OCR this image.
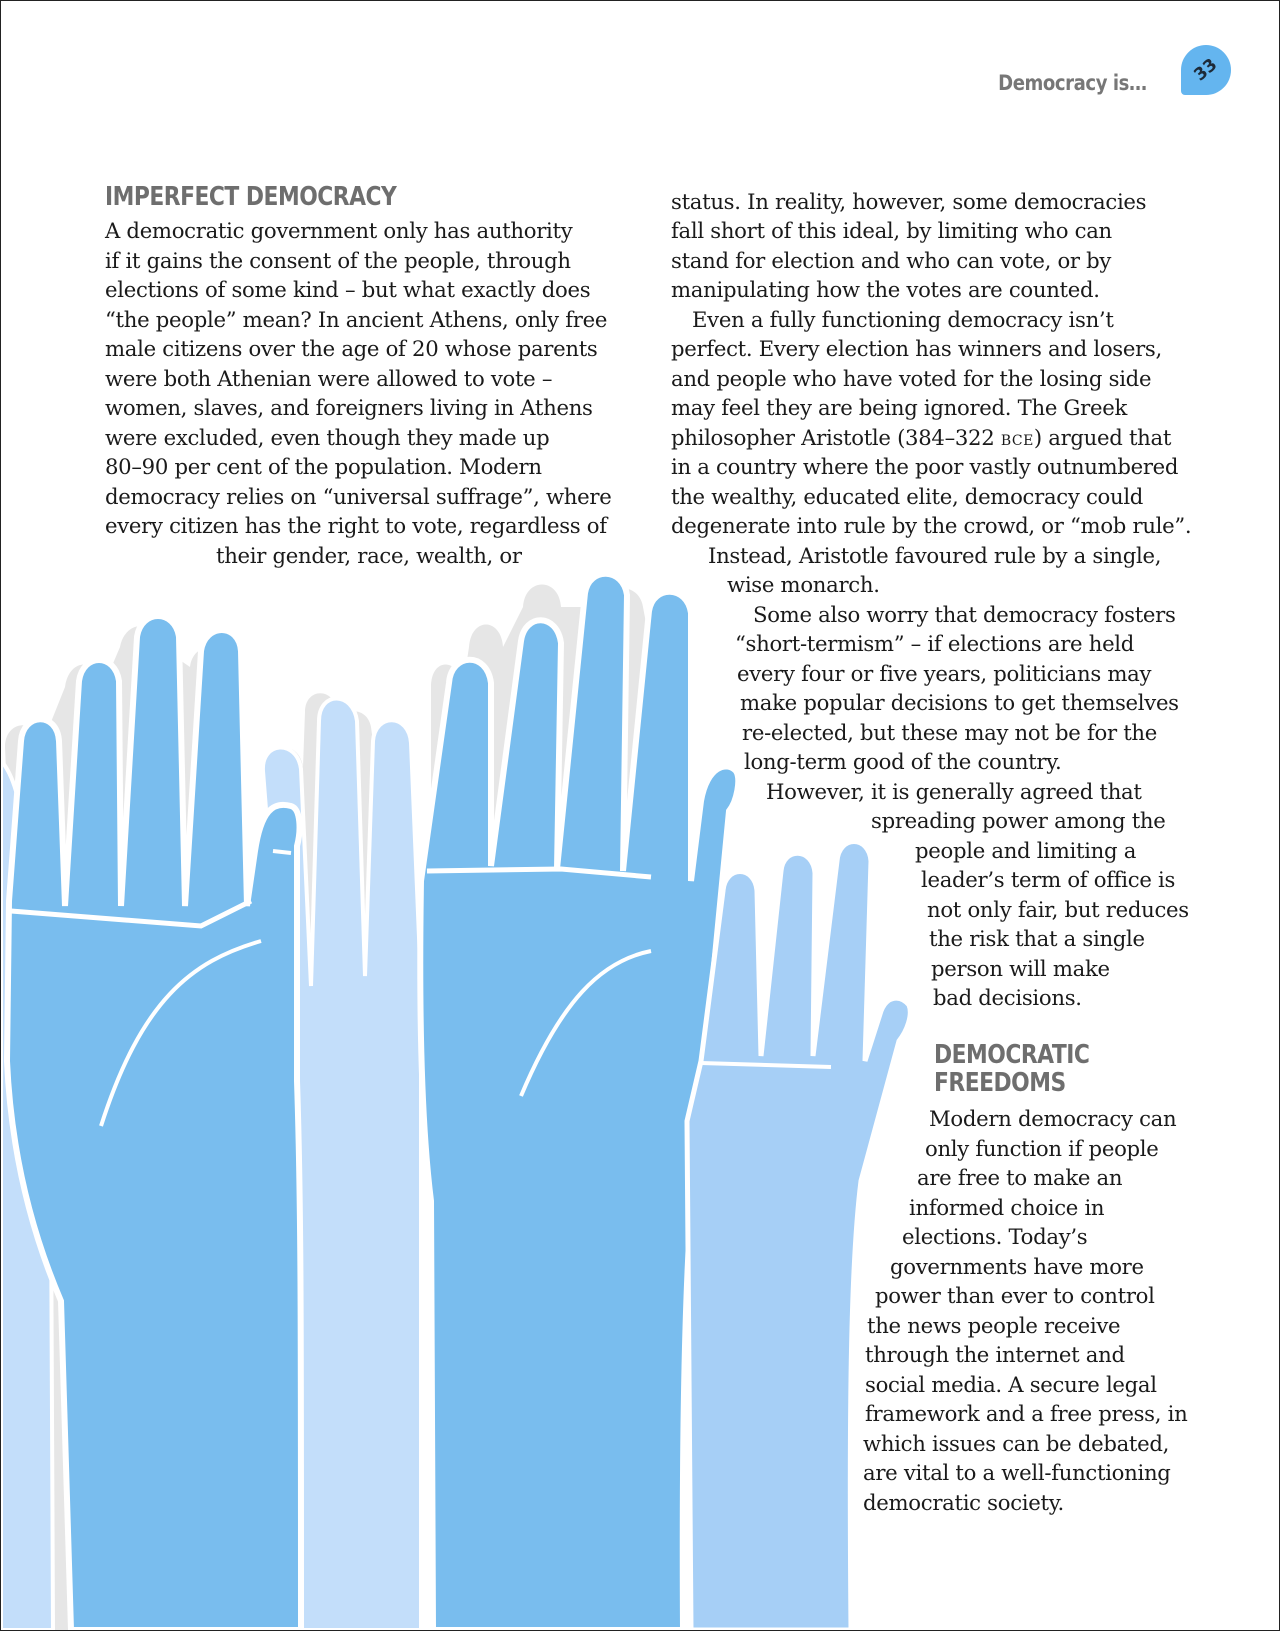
Democracy is…	33
IMPERFECT DEMOCRACY
A democratic government only has authority
if it gains the consent of the people, through
elections of some kind – but what exactly does
“the people” mean? In ancient Athens, only free
male citizens over the age of 20 whose parents
were both Athenian were allowed to vote –
women, slaves, and foreigners living in Athens
were excluded, even though they made up
80–90 per cent of the population. Modern
democracy relies on “universal suffrage”, where
every citizen has the right to vote, regardless of
their gender, race, wealth, or
status. In reality, however, some democracies
fall short of this ideal, by limiting who can
stand for election and who can vote, or by
manipulating how the votes are counted.
Even a fully functioning democracy isn’t
perfect. Every election has winners and losers,
and people who have voted for the losing side
may feel they are being ignored. The Greek
philosopher Aristotle (384–322 BCE) argued that
in a country where the poor vastly outnumbered
the wealthy, educated elite, democracy could
degenerate into rule by the crowd, or “mob rule”.
Instead, Aristotle favoured rule by a single,
wise monarch.
Some also worry that democracy fosters
“short-termism” – if elections are held
every four or five years, politicians may
make popular decisions to get themselves
re-elected, but these may not be for the
long-term good of the country.
However, it is generally agreed that
spreading power among the
people and limiting a
leader’s term of office is
not only fair, but reduces
the risk that a single
person will make
bad decisions.
DEMOCRATIC
FREEDOMS
Modern democracy can
only function if people
are free to make an
informed choice in
elections. Today’s
governments have more
power than ever to control
the news people receive
through the internet and
social media. A secure legal
framework and a free press, in
which issues can be debated,
are vital to a well-functioning
democratic society.
